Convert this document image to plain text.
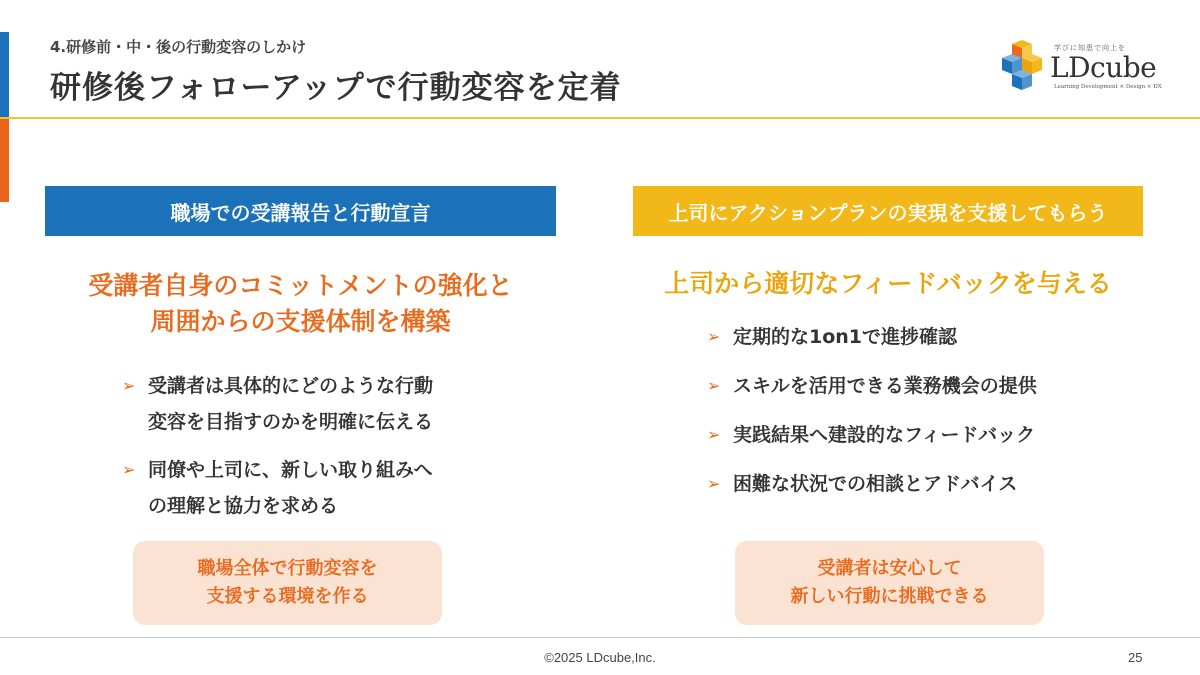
4.研修前・中・後の行動変容のしかけ
研修後フォローアップで行動変容を定着
学びに知恵で向上を
LDcube
Learning Development × Design × DX
職場での受講報告と行動宣言
受講者自身のコミットメントの強化と
周囲からの支援体制を構築
➢ 受講者は具体的にどのような行動
変容を目指すのかを明確に伝える
➢ 同僚や上司に、新しい取り組みへ
の理解と協力を求める
職場全体で行動変容を
支援する環境を作る
上司にアクションプランの実現を支援してもらう
上司から適切なフィードバックを与える
➢ 定期的な1on1で進捗確認
➢ スキルを活用できる業務機会の提供
➢ 実践結果へ建設的なフィードバック
➢ 困難な状況での相談とアドバイス
受講者は安心して
新しい行動に挑戦できる
©2025 LDcube,Inc.	25
